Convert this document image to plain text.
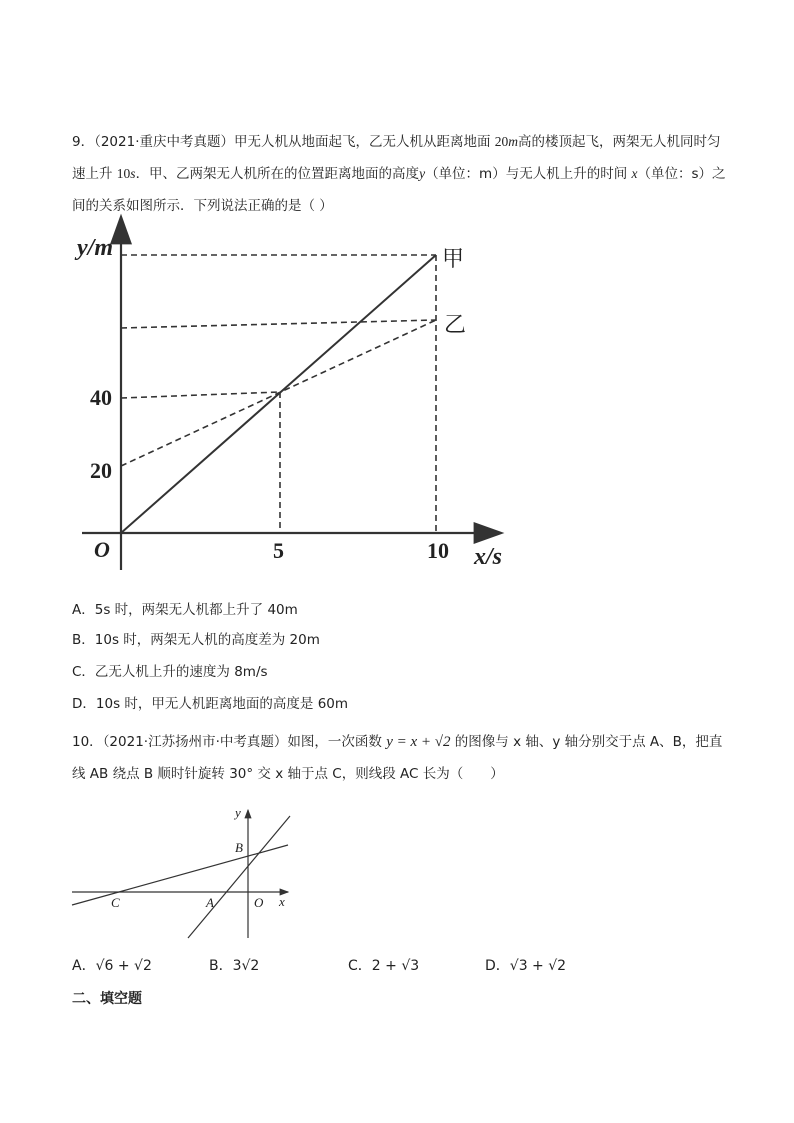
9．（2021·重庆中考真题）甲无人机从地面起飞，乙无人机从距离地面 20m高的楼顶起飞，两架无人机同时匀速上升 10s．甲、乙两架无人机所在的位置距离地面的高度y（单位：m）与无人机上升的时间 x（单位：s）之间的关系如图所示．下列说法正确的是（ ）
y/m
x/s
O
40
20
5	10
甲
乙
A．5s 时，两架无人机都上升了 40m
B．10s 时，两架无人机的高度差为 20m
C．乙无人机上升的速度为 8m/s
D．10s 时，甲无人机距离地面的高度是 60m
10．（2021·江苏扬州市·中考真题）如图，一次函数 y = x + √2 的图像与 x 轴、y 轴分别交于点 A、B，把直线 AB 绕点 B 顺时针旋转 30° 交 x 轴于点 C，则线段 AC 长为（　　）
y
x
B
C	A	O
A．√6 + √2	B．3√2	C．2 + √3	D．√3 + √2
二、填空题
